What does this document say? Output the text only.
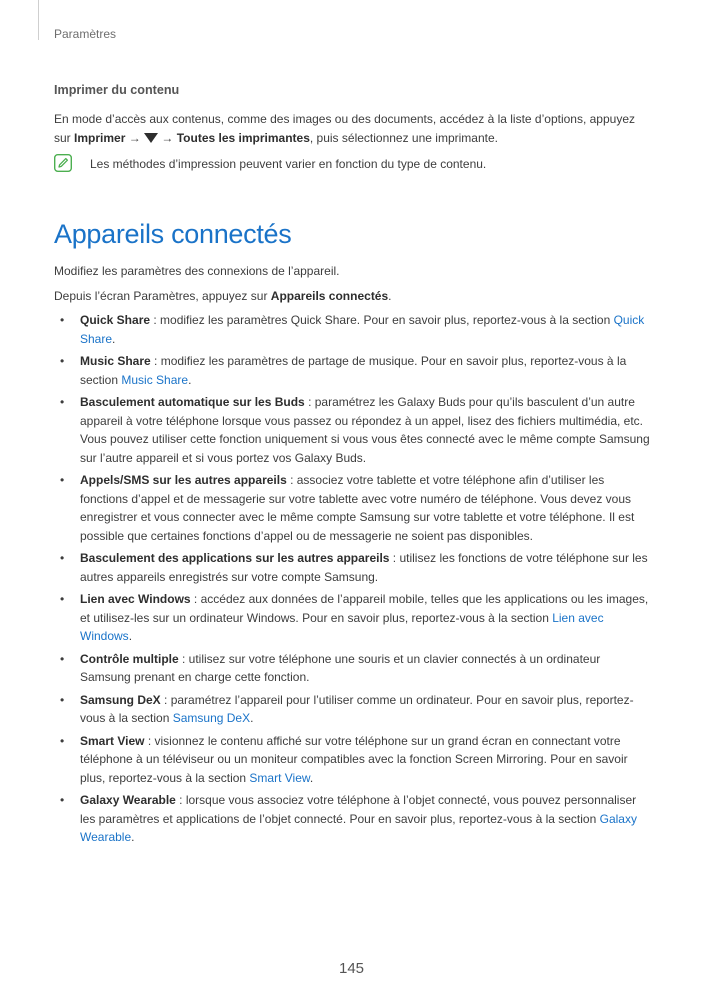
Paramètres
Imprimer du contenu
En mode d’accès aux contenus, comme des images ou des documents, accédez à la liste d’options, appuyez sur Imprimer →  → Toutes les imprimantes, puis sélectionnez une imprimante.
Les méthodes d’impression peuvent varier en fonction du type de contenu.
Appareils connectés
Modifiez les paramètres des connexions de l’appareil.
Depuis l’écran Paramètres, appuyez sur Appareils connectés.
• Quick Share : modifiez les paramètres Quick Share. Pour en savoir plus, reportez-vous à la section Quick Share.
• Music Share : modifiez les paramètres de partage de musique. Pour en savoir plus, reportez-vous à la section Music Share.
• Basculement automatique sur les Buds : paramétrez les Galaxy Buds pour qu’ils basculent d’un autre appareil à votre téléphone lorsque vous passez ou répondez à un appel, lisez des fichiers multimédia, etc. Vous pouvez utiliser cette fonction uniquement si vous vous êtes connecté avec le même compte Samsung sur l’autre appareil et si vous portez vos Galaxy Buds.
• Appels/SMS sur les autres appareils : associez votre tablette et votre téléphone afin d’utiliser les fonctions d’appel et de messagerie sur votre tablette avec votre numéro de téléphone. Vous devez vous enregistrer et vous connecter avec le même compte Samsung sur votre tablette et votre téléphone. Il est possible que certaines fonctions d’appel ou de messagerie ne soient pas disponibles.
• Basculement des applications sur les autres appareils : utilisez les fonctions de votre téléphone sur les autres appareils enregistrés sur votre compte Samsung.
• Lien avec Windows : accédez aux données de l’appareil mobile, telles que les applications ou les images, et utilisez-les sur un ordinateur Windows. Pour en savoir plus, reportez-vous à la section Lien avec Windows.
• Contrôle multiple : utilisez sur votre téléphone une souris et un clavier connectés à un ordinateur Samsung prenant en charge cette fonction.
• Samsung DeX : paramétrez l’appareil pour l’utiliser comme un ordinateur. Pour en savoir plus, reportez-vous à la section Samsung DeX.
• Smart View : visionnez le contenu affiché sur votre téléphone sur un grand écran en connectant votre téléphone à un téléviseur ou un moniteur compatibles avec la fonction Screen Mirroring. Pour en savoir plus, reportez-vous à la section Smart View.
• Galaxy Wearable : lorsque vous associez votre téléphone à l’objet connecté, vous pouvez personnaliser les paramètres et applications de l’objet connecté. Pour en savoir plus, reportez-vous à la section Galaxy Wearable.
145
